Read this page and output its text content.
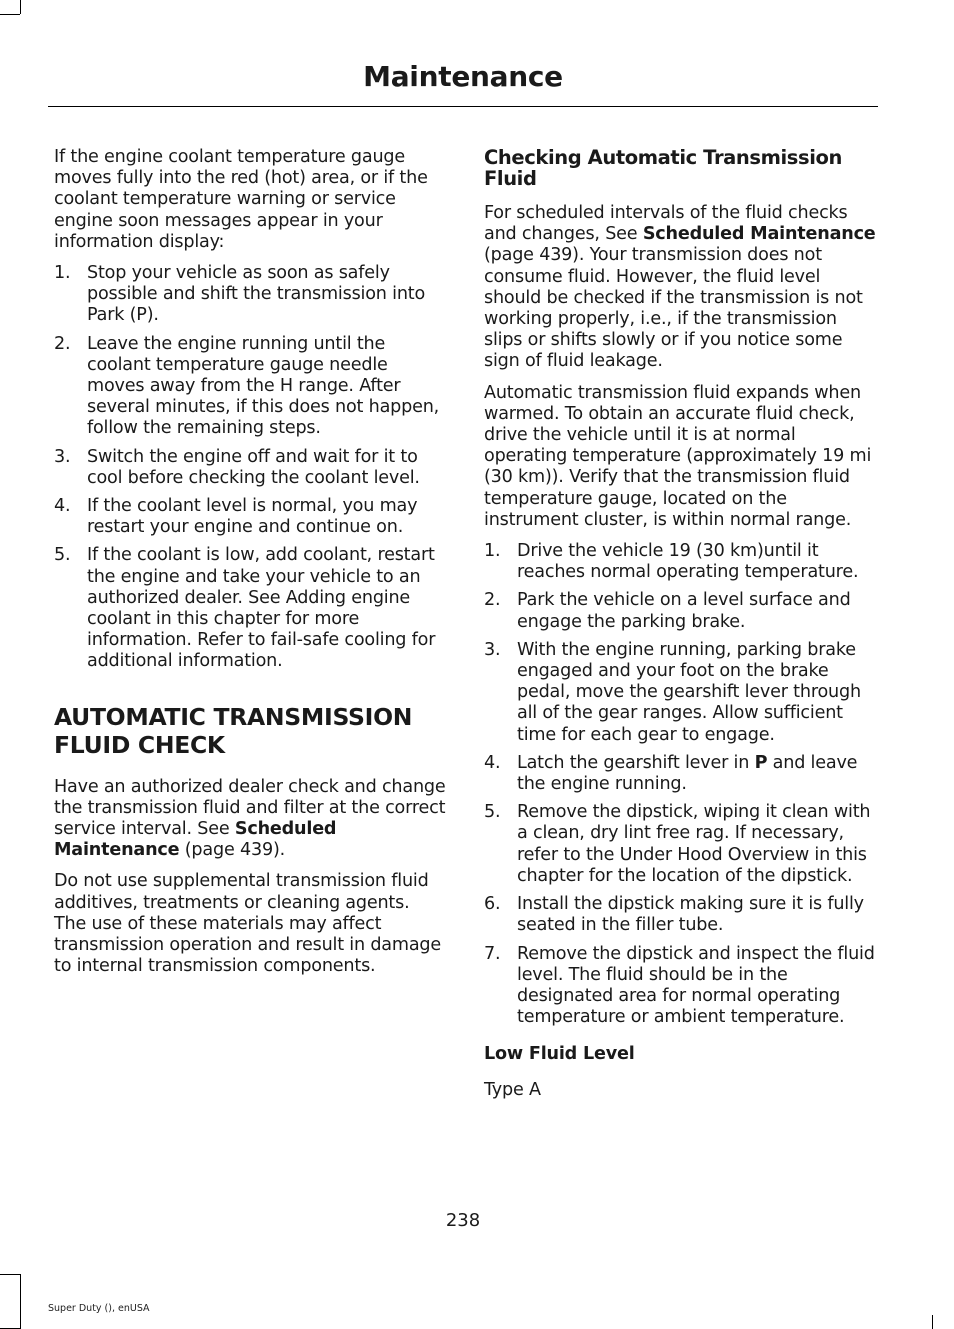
Maintenance

If the engine coolant temperature gauge moves fully into the red (hot) area, or if the coolant temperature warning or service engine soon messages appear in your information display:

1. Stop your vehicle as soon as safely possible and shift the transmission into Park (P).
2. Leave the engine running until the coolant temperature gauge needle moves away from the H range. After several minutes, if this does not happen, follow the remaining steps.
3. Switch the engine off and wait for it to cool before checking the coolant level.
4. If the coolant level is normal, you may restart your engine and continue on.
5. If the coolant is low, add coolant, restart the engine and take your vehicle to an authorized dealer. See Adding engine coolant in this chapter for more information. Refer to fail-safe cooling for additional information.
AUTOMATIC TRANSMISSION FLUID CHECK

Have an authorized dealer check and change the transmission fluid and filter at the correct service interval. See Scheduled Maintenance (page 439).

Do not use supplemental transmission fluid additives, treatments or cleaning agents. The use of these materials may affect transmission operation and result in damage to internal transmission components.

Checking Automatic Transmission Fluid

For scheduled intervals of the fluid checks and changes, See Scheduled Maintenance (page 439). Your transmission does not consume fluid. However, the fluid level should be checked if the transmission is not working properly, i.e., if the transmission slips or shifts slowly or if you notice some sign of fluid leakage.

Automatic transmission fluid expands when warmed. To obtain an accurate fluid check, drive the vehicle until it is at normal operating temperature (approximately 19 mi (30 km)). Verify that the transmission fluid temperature gauge, located on the instrument cluster, is within normal range.

1. Drive the vehicle 19 (30 km)until it reaches normal operating temperature.
2. Park the vehicle on a level surface and engage the parking brake.
3. With the engine running, parking brake engaged and your foot on the brake pedal, move the gearshift lever through all of the gear ranges. Allow sufficient time for each gear to engage.
4. Latch the gearshift lever in P and leave the engine running.
5. Remove the dipstick, wiping it clean with a clean, dry lint free rag. If necessary, refer to the Under Hood Overview in this chapter for the location of the dipstick.
6. Install the dipstick making sure it is fully seated in the filler tube.
7. Remove the dipstick and inspect the fluid level. The fluid should be in the designated area for normal operating temperature or ambient temperature.
Low Fluid Level

Type A

238
Super Duty (), enUSA
